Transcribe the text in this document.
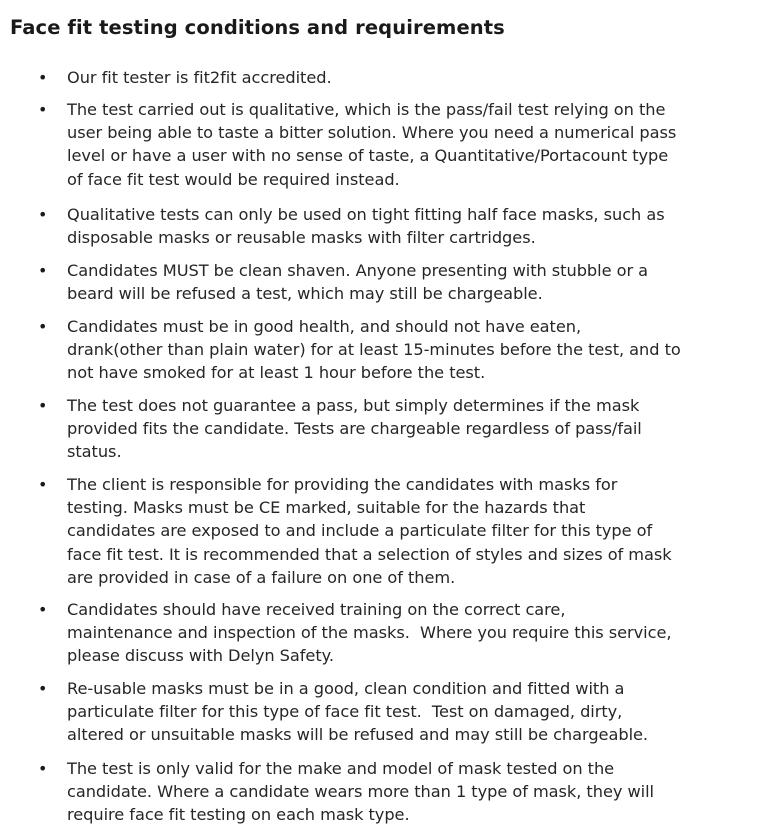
Face fit testing conditions and requirements
• Our fit tester is fit2fit accredited.
• The test carried out is qualitative, which is the pass/fail test relying on the
user being able to taste a bitter solution. Where you need a numerical pass
level or have a user with no sense of taste, a Quantitative/Portacount type
of face fit test would be required instead.
• Qualitative tests can only be used on tight fitting half face masks, such as
disposable masks or reusable masks with filter cartridges.
• Candidates MUST be clean shaven. Anyone presenting with stubble or a
beard will be refused a test, which may still be chargeable.
• Candidates must be in good health, and should not have eaten,
drank(other than plain water) for at least 15-minutes before the test, and to
not have smoked for at least 1 hour before the test.
• The test does not guarantee a pass, but simply determines if the mask
provided fits the candidate. Tests are chargeable regardless of pass/fail
status.
• The client is responsible for providing the candidates with masks for
testing. Masks must be CE marked, suitable for the hazards that
candidates are exposed to and include a particulate filter for this type of
face fit test. It is recommended that a selection of styles and sizes of mask
are provided in case of a failure on one of them.
• Candidates should have received training on the correct care,
maintenance and inspection of the masks.  Where you require this service,
please discuss with Delyn Safety.
• Re-usable masks must be in a good, clean condition and fitted with a
particulate filter for this type of face fit test.  Test on damaged, dirty,
altered or unsuitable masks will be refused and may still be chargeable.
• The test is only valid for the make and model of mask tested on the
candidate. Where a candidate wears more than 1 type of mask, they will
require face fit testing on each mask type.
